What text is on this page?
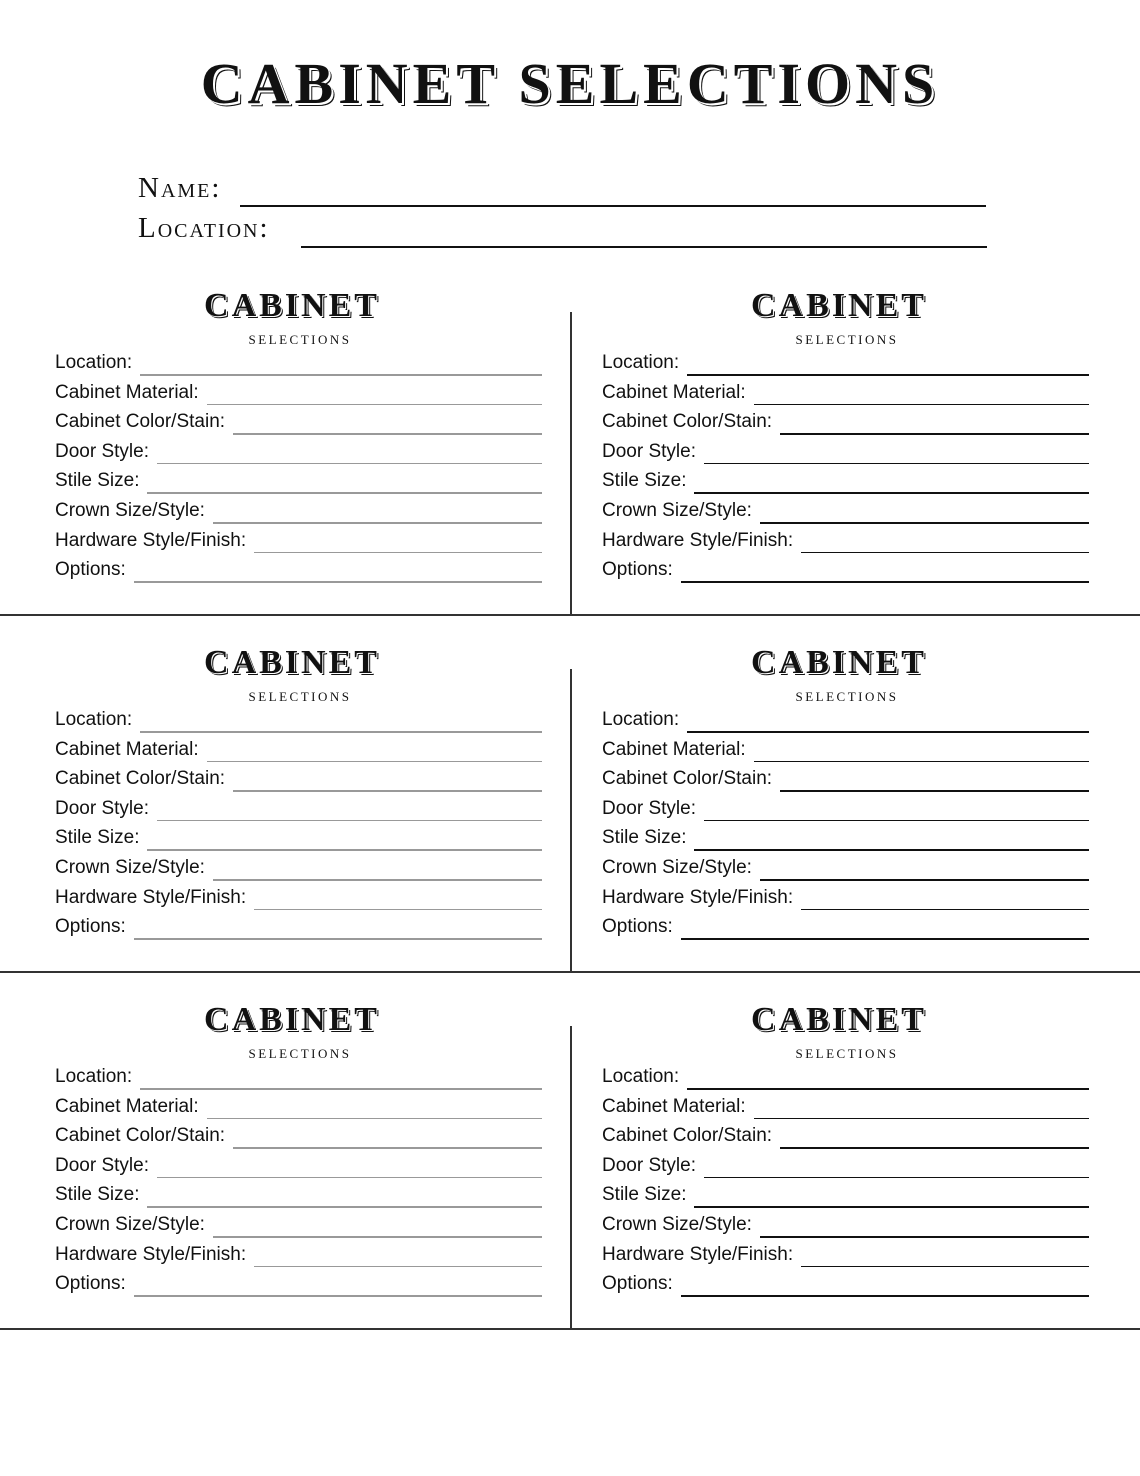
CABINET SELECTIONS
Name:
Location:
CABINET
SELECTIONS
Location:
Cabinet Material:
Cabinet Color/Stain:
Door Style:
Stile Size:
Crown Size/Style:
Hardware Style/Finish:
Options:
CABINET
SELECTIONS
Location:
Cabinet Material:
Cabinet Color/Stain:
Door Style:
Stile Size:
Crown Size/Style:
Hardware Style/Finish:
Options:
CABINET
SELECTIONS
Location:
Cabinet Material:
Cabinet Color/Stain:
Door Style:
Stile Size:
Crown Size/Style:
Hardware Style/Finish:
Options:
CABINET
SELECTIONS
Location:
Cabinet Material:
Cabinet Color/Stain:
Door Style:
Stile Size:
Crown Size/Style:
Hardware Style/Finish:
Options:
CABINET
SELECTIONS
Location:
Cabinet Material:
Cabinet Color/Stain:
Door Style:
Stile Size:
Crown Size/Style:
Hardware Style/Finish:
Options:
CABINET
SELECTIONS
Location:
Cabinet Material:
Cabinet Color/Stain:
Door Style:
Stile Size:
Crown Size/Style:
Hardware Style/Finish:
Options:
